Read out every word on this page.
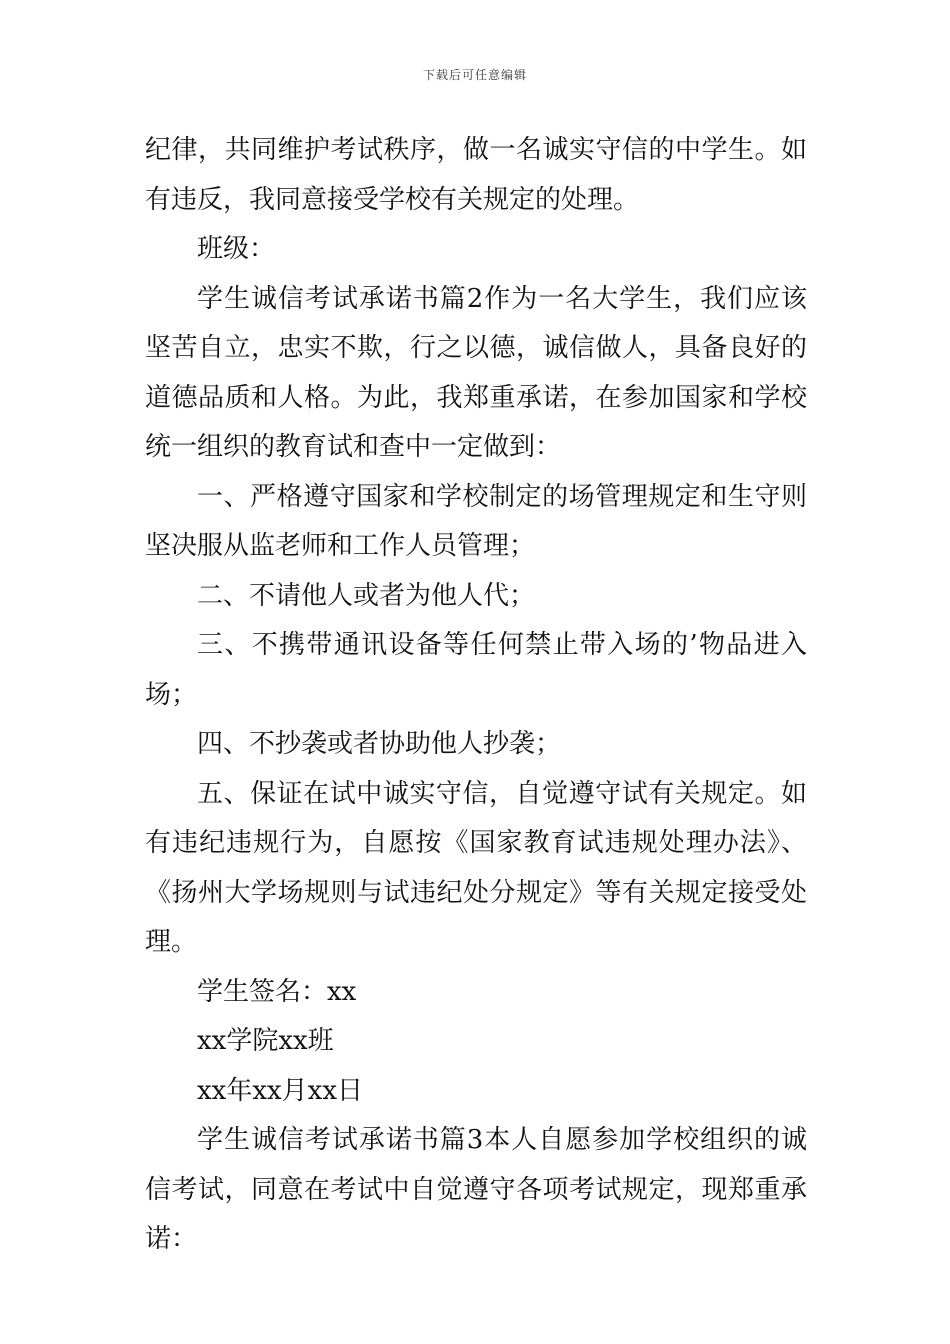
下载后可任意编辑

纪律，共同维护考试秩序，做一名诚实守信的中学生。如有违反，我同意接受学校有关规定的处理。

班级：

学生诚信考试承诺书篇2作为一名大学生，我们应该坚苦自立，忠实不欺，行之以德，诚信做人，具备良好的道德品质和人格。为此，我郑重承诺，在参加国家和学校统一组织的教育试和查中一定做到：

一、严格遵守国家和学校制定的场管理规定和生守则坚决服从监老师和工作人员管理；

二、不请他人或者为他人代；

三、不携带通讯设备等任何禁止带入场的’物品进入场；

四、不抄袭或者协助他人抄袭；

五、保证在试中诚实守信，自觉遵守试有关规定。如有违纪违规行为，自愿按《国家教育试违规处理办法》、《扬州大学场规则与试违纪处分规定》等有关规定接受处理。

学生签名：xx

xx学院xx班

xx年xx月xx日

学生诚信考试承诺书篇3本人自愿参加学校组织的诚信考试，同意在考试中自觉遵守各项考试规定，现郑重承诺：
